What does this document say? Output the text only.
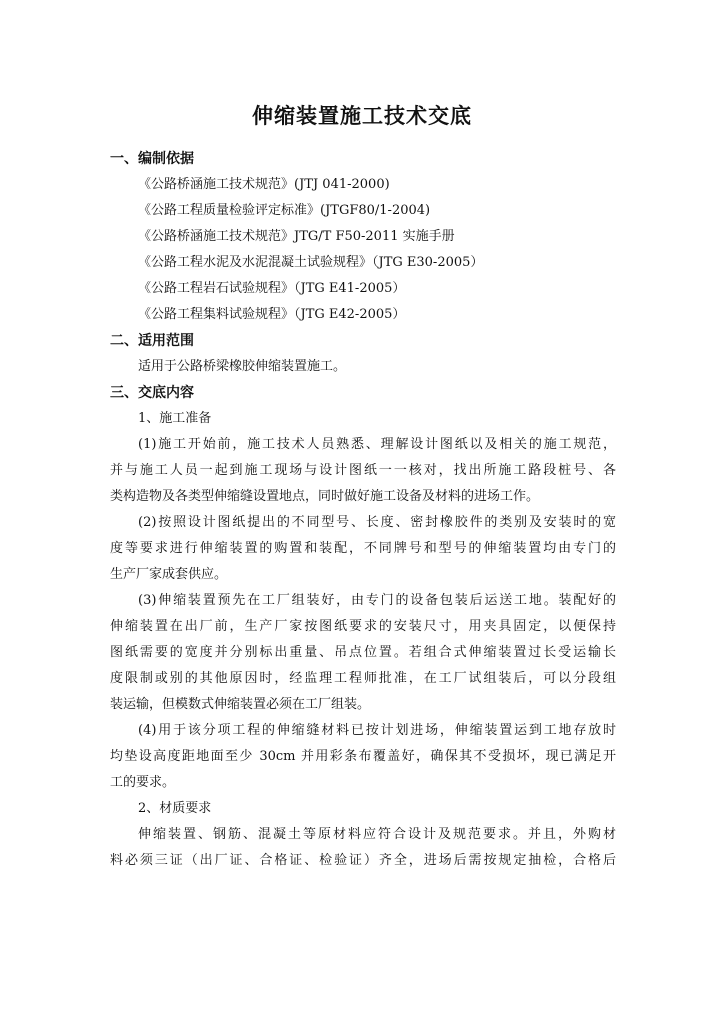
伸缩装置施工技术交底
一、编制依据
《公路桥涵施工技术规范》(JTJ 041-2000)
《公路工程质量检验评定标准》(JTGF80/1-2004)
《公路桥涵施工技术规范》JTG/T F50-2011 实施手册
《公路工程水泥及水泥混凝土试验规程》（JTG E30-2005）
《公路工程岩石试验规程》（JTG E41-2005）
《公路工程集料试验规程》（JTG E42-2005）
二、适用范围
适用于公路桥梁橡胶伸缩装置施工。
三、交底内容
1、施工准备
(1)施工开始前，施工技术人员熟悉、理解设计图纸以及相关的施工规范，
并与施工人员一起到施工现场与设计图纸一一核对，找出所施工路段桩号、各
类构造物及各类型伸缩缝设置地点，同时做好施工设备及材料的进场工作。
(2)按照设计图纸提出的不同型号、长度、密封橡胶件的类别及安装时的宽
度等要求进行伸缩装置的购置和装配，不同牌号和型号的伸缩装置均由专门的
生产厂家成套供应。
(3)伸缩装置预先在工厂组装好，由专门的设备包装后运送工地。装配好的
伸缩装置在出厂前，生产厂家按图纸要求的安装尺寸，用夹具固定，以便保持
图纸需要的宽度并分别标出重量、吊点位置。若组合式伸缩装置过长受运输长
度限制或别的其他原因时，经监理工程师批准，在工厂试组装后，可以分段组
装运输，但模数式伸缩装置必须在工厂组装。
(4)用于该分项工程的伸缩缝材料已按计划进场，伸缩装置运到工地存放时
均垫设高度距地面至少 30cm 并用彩条布覆盖好，确保其不受损坏，现已满足开
工的要求。
2、材质要求
伸缩装置、钢筋、混凝土等原材料应符合设计及规范要求。并且，外购材
料必须三证（出厂证、合格证、检验证）齐全，进场后需按规定抽检，合格后
